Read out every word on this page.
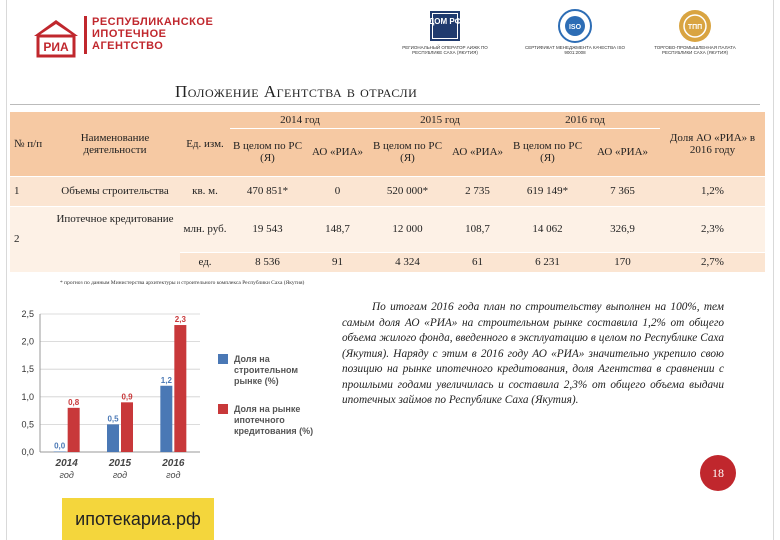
РИА
РЕСПУБЛИКАНСКОЕ
ИПОТЕЧНОЕ
АГЕНТСТВО
ДОМ РФ
РЕГИОНАЛЬНЫЙ ОПЕРАТОР АИЖК ПО РЕСПУБЛИКЕ САХА (ЯКУТИЯ)
ISO
СЕРТИФИКАТ МЕНЕДЖМЕНТА КАЧЕСТВА ISO 9001:2008
ТПП
ТОРГОВО-ПРОМЫШЛЕННАЯ ПАЛАТА РЕСПУБЛИКИ САХА (ЯКУТИЯ)
Положение Агентства в отрасли
№ п/п	Наименование деятельности	Ед. изм.	2014 год		2015 год		2016 год		Доля АО «РИА» в 2016 году
			В целом по РС (Я)	АО «РИА»	В целом по РС (Я)	АО «РИА»	В целом по РС (Я)	АО «РИА»	
1	Объемы строительства	кв. м.	470 851*	0	520 000*	2 735	619 149*	7 365	1,2%
2	Ипотечное кредитование	млн. руб.	19 543	148,7	12 000	108,7	14 062	326,9	2,3%
		ед.	8 536	91	4 324	61	6 231	170	2,7%
* прогноз по данным Министерства архитектуры и строительного комплекса Республики Саха (Якутия)
0,0
0,5
1,0
1,5
2,0
2,5
0,0
0,8
2014
год
0,5
0,9
2015
год
1,2
2,3
2016
год
Доля на
строительном
рынке (%)
Доля на рынке
ипотечного
кредитования (%)
По итогам 2016 года план по строительству выполнен на 100%, тем самым доля АО «РИА» на строительном рынке составила 1,2% от общего объема жилого фонда, введенного в эксплуатацию в целом по Республике Саха (Якутия). Наряду с этим в 2016 году АО «РИА» значительно укрепило свою позицию на рынке ипотечного кредитования, доля Агентства в сравнении с прошлыми годами увеличилась и составила 2,3% от общего объема выдачи ипотечных займов по Республике Саха (Якутия).
18
ипотекариа.рф
